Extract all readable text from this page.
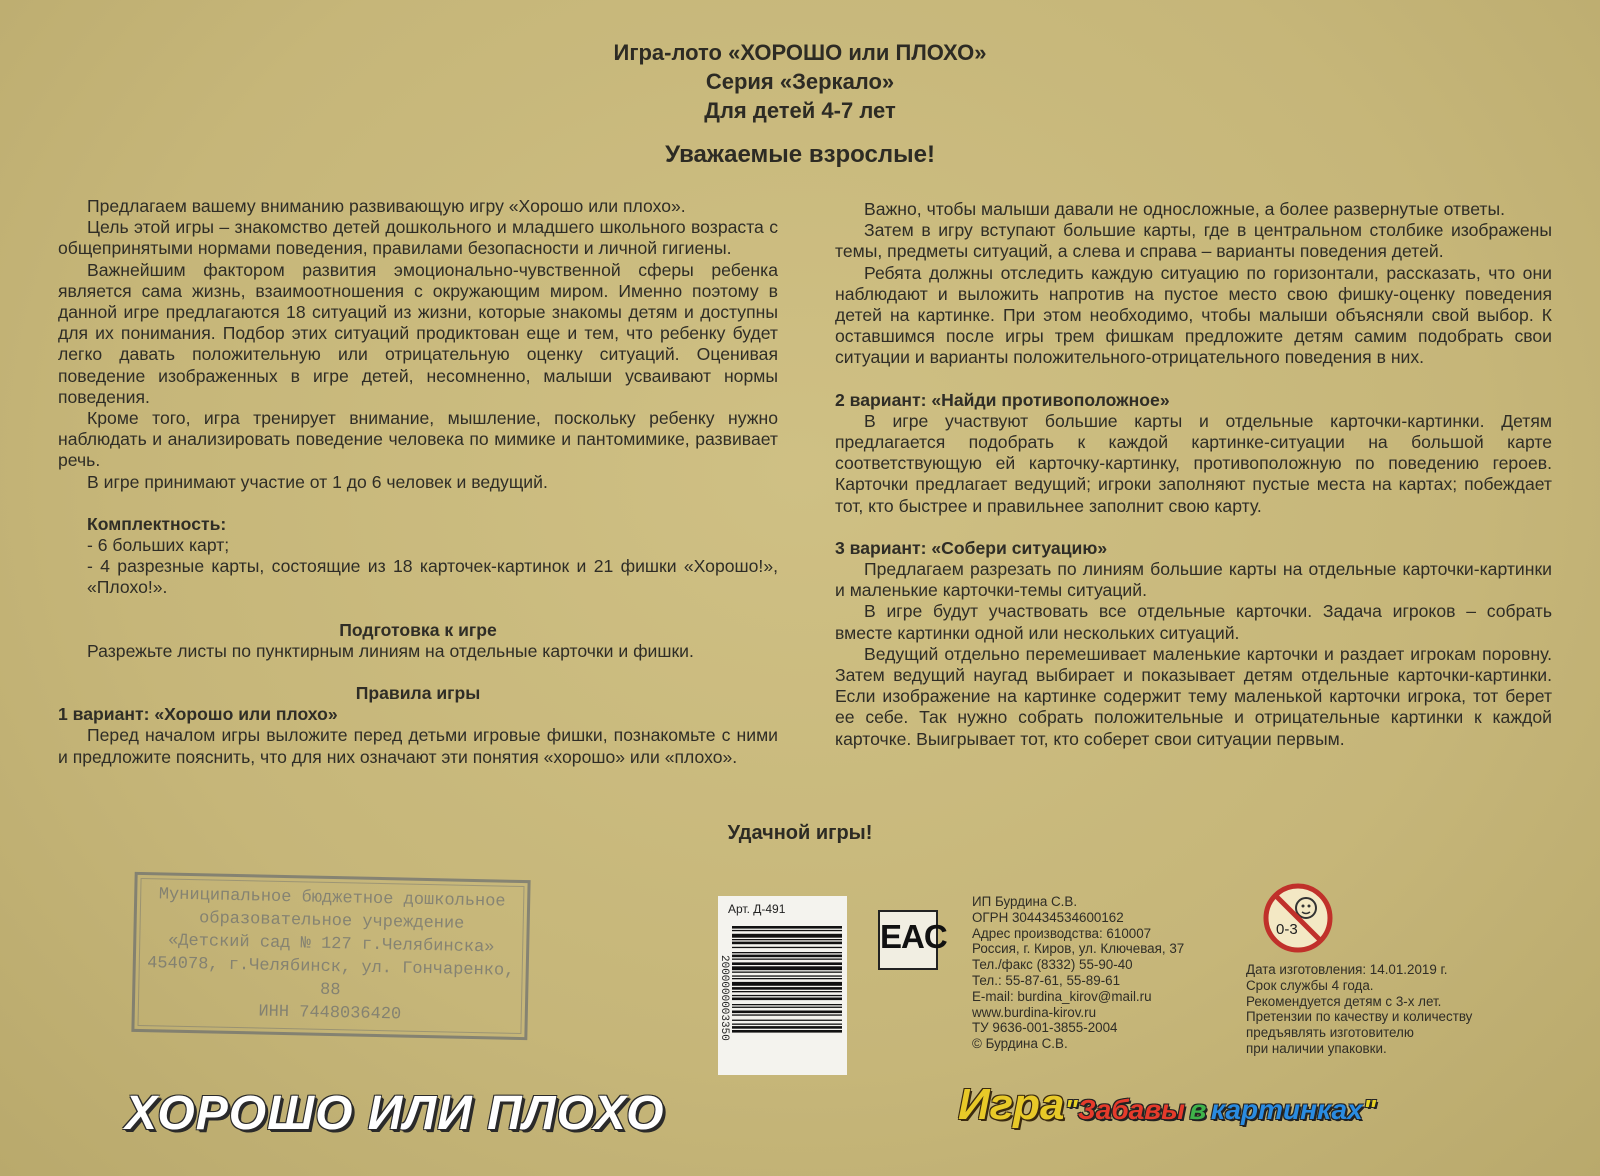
Игра-лото «ХОРОШО или ПЛОХО»
Серия «Зеркало»
Для детей 4-7 лет
Уважаемые взрослые!

Предлагаем вашему вниманию развивающую игру «Хорошо или плохо».

Цель этой игры – знакомство детей дошкольного и младшего школьного возраста с общепринятыми нормами поведения, правилами безопасности и личной гигиены.

Важнейшим фактором развития эмоционально-чувственной сферы ребенка является сама жизнь, взаимоотношения с окружающим миром. Именно поэтому в данной игре предлагаются 18 ситуаций из жизни, которые знакомы детям и доступны для их понимания. Подбор этих ситуаций продиктован еще и тем, что ребенку будет легко давать положительную или отрицательную оценку ситуаций. Оценивая поведение изображенных в игре детей, несомненно, малыши усваивают нормы поведения.

Кроме того, игра тренирует внимание, мышление, поскольку ребенку нужно наблюдать и анализировать поведение человека по мимике и пантомимике, развивает речь.

В игре принимают участие от 1 до 6 человек и ведущий.

Комплектность:

- 6 больших карт;

- 4 разрезные карты, состоящие из 18 карточек-картинок и 21 фишки «Хорошо!», «Плохо!».

Подготовка к игре

Разрежьте листы по пунктирным линиям на отдельные карточки и фишки.

Правила игры

1 вариант: «Хорошо или плохо»

Перед началом игры выложите перед детьми игровые фишки, познакомьте с ними и предложите пояснить, что для них означают эти понятия «хорошо» или «плохо».

Важно, чтобы малыши давали не односложные, а более развернутые ответы.

Затем в игру вступают большие карты, где в центральном столбике изображены темы, предметы ситуаций, а слева и справа – варианты поведения детей.

Ребята должны отследить каждую ситуацию по горизонтали, рассказать, что они наблюдают и выложить напротив на пустое место свою фишку-оценку поведения детей на картинке. При этом необходимо, чтобы малыши объясняли свой выбор. К оставшимся после игры трем фишкам предложите детям самим подобрать свои ситуации и варианты положительного-отрицательного поведения в них.

2 вариант: «Найди противоположное»

В игре участвуют большие карты и отдельные карточки-картинки. Детям предлагается подобрать к каждой картинке-ситуации на большой карте соответствующую ей карточку-картинку, противоположную по поведению героев. Карточки предлагает ведущий; игроки заполняют пустые места на картах; побеждает тот, кто быстрее и правильнее заполнит свою карту.

3 вариант: «Собери ситуацию»

Предлагаем разрезать по линиям большие карты на отдельные карточки-картинки и маленькие карточки-темы ситуаций.

В игре будут участвовать все отдельные карточки. Задача игроков – собрать вместе картинки одной или нескольких ситуаций.

Ведущий отдельно перемешивает маленькие карточки и раздает игрокам поровну. Затем ведущий наугад выбирает и показывает детям отдельные карточки-картинки. Если изображение на картинке содержит тему маленькой карточки игрока, тот берет ее себе. Так нужно собрать положительные и отрицательные картинки к каждой карточке. Выигрывает тот, кто соберет свои ситуации первым.

Удачной игры!
Муниципальное бюджетное дошкольное
образовательное учреждение
«Детский сад № 127 г.Челябинска»
454078, г.Челябинск, ул. Гончаренко, 88
ИНН 7448036420
Арт. Д-491
2000000003350
EAC
ИП Бурдина С.В.
ОГРН 304434534600162
Адрес производства: 610007
Россия, г. Киров, ул. Ключевая, 37
Тел./факс (8332) 55-90-40
Тел.: 55-87-61, 55-89-61
E-mail: burdina_kirov@mail.ru
www.burdina-kirov.ru
ТУ 9636-001-3855-2004
© Бурдина С.В.
0-3
Дата изготовления: 14.01.2019 г.
Срок службы 4 года.
Рекомендуется детям с 3-х лет.
Претензии по качеству и количеству
предъявлять изготовителю
при наличии упаковки.
ХОРОШО ИЛИ ПЛОХО	Игра"Забавы в картинках"
